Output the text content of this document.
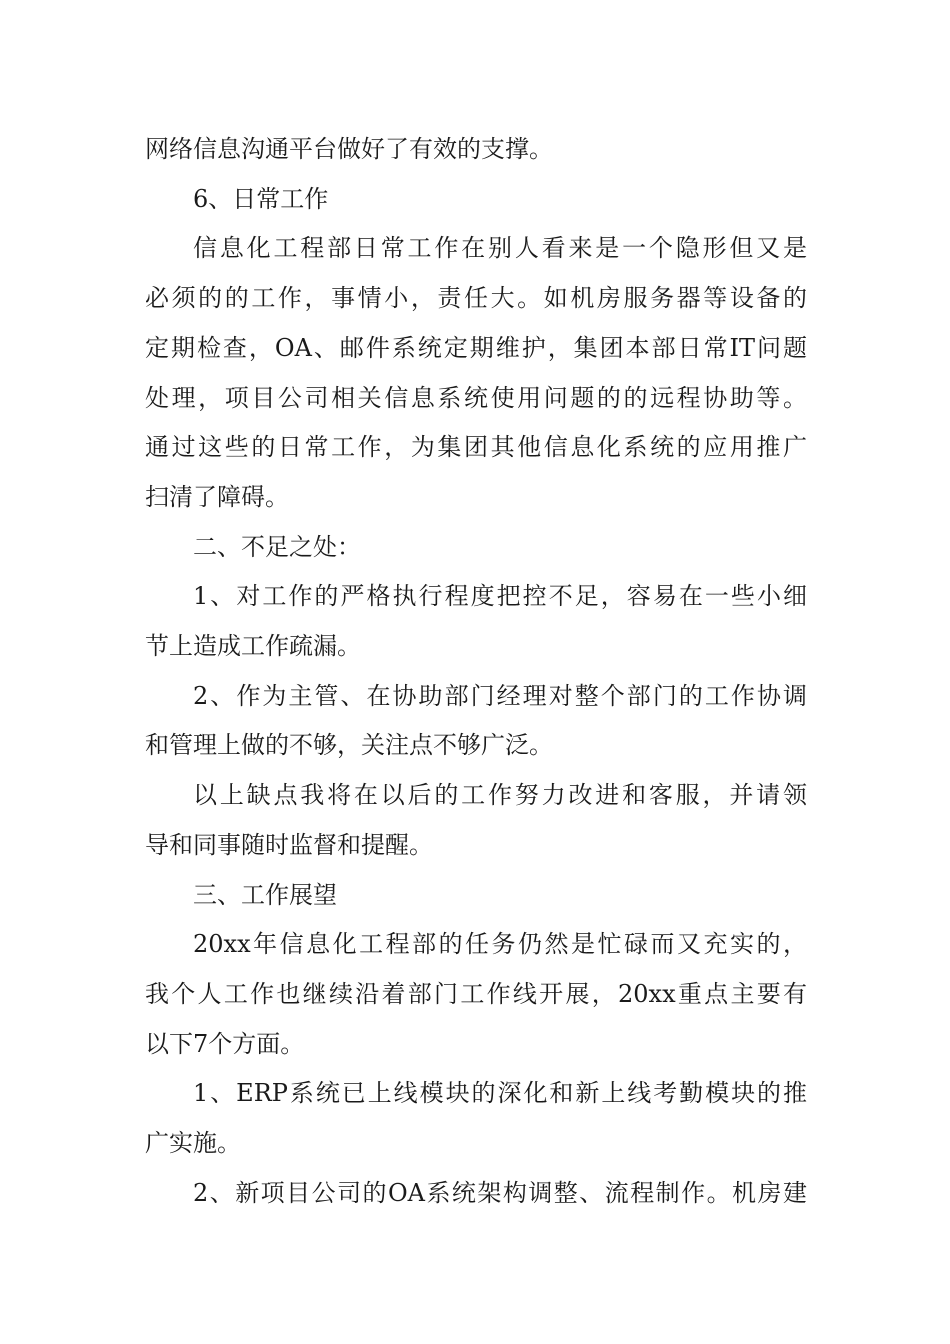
网络信息沟通平台做好了有效的支撑。
6、日常工作
信息化工程部日常工作在别人看来是一个隐形但又是
必须的的工作，事情小，责任大。如机房服务器等设备的
定期检查，OA、邮件系统定期维护，集团本部日常IT问题
处理，项目公司相关信息系统使用问题的的远程协助等。
通过这些的日常工作，为集团其他信息化系统的应用推广
扫清了障碍。
二、不足之处：
1、对工作的严格执行程度把控不足，容易在一些小细
节上造成工作疏漏。
2、作为主管、在协助部门经理对整个部门的工作协调
和管理上做的不够，关注点不够广泛。
以上缺点我将在以后的工作努力改进和客服，并请领
导和同事随时监督和提醒。
三、工作展望
20xx年信息化工程部的任务仍然是忙碌而又充实的，
我个人工作也继续沿着部门工作线开展，20xx重点主要有
以下7个方面。
1、ERP系统已上线模块的深化和新上线考勤模块的推
广实施。
2、新项目公司的OA系统架构调整、流程制作。机房建
